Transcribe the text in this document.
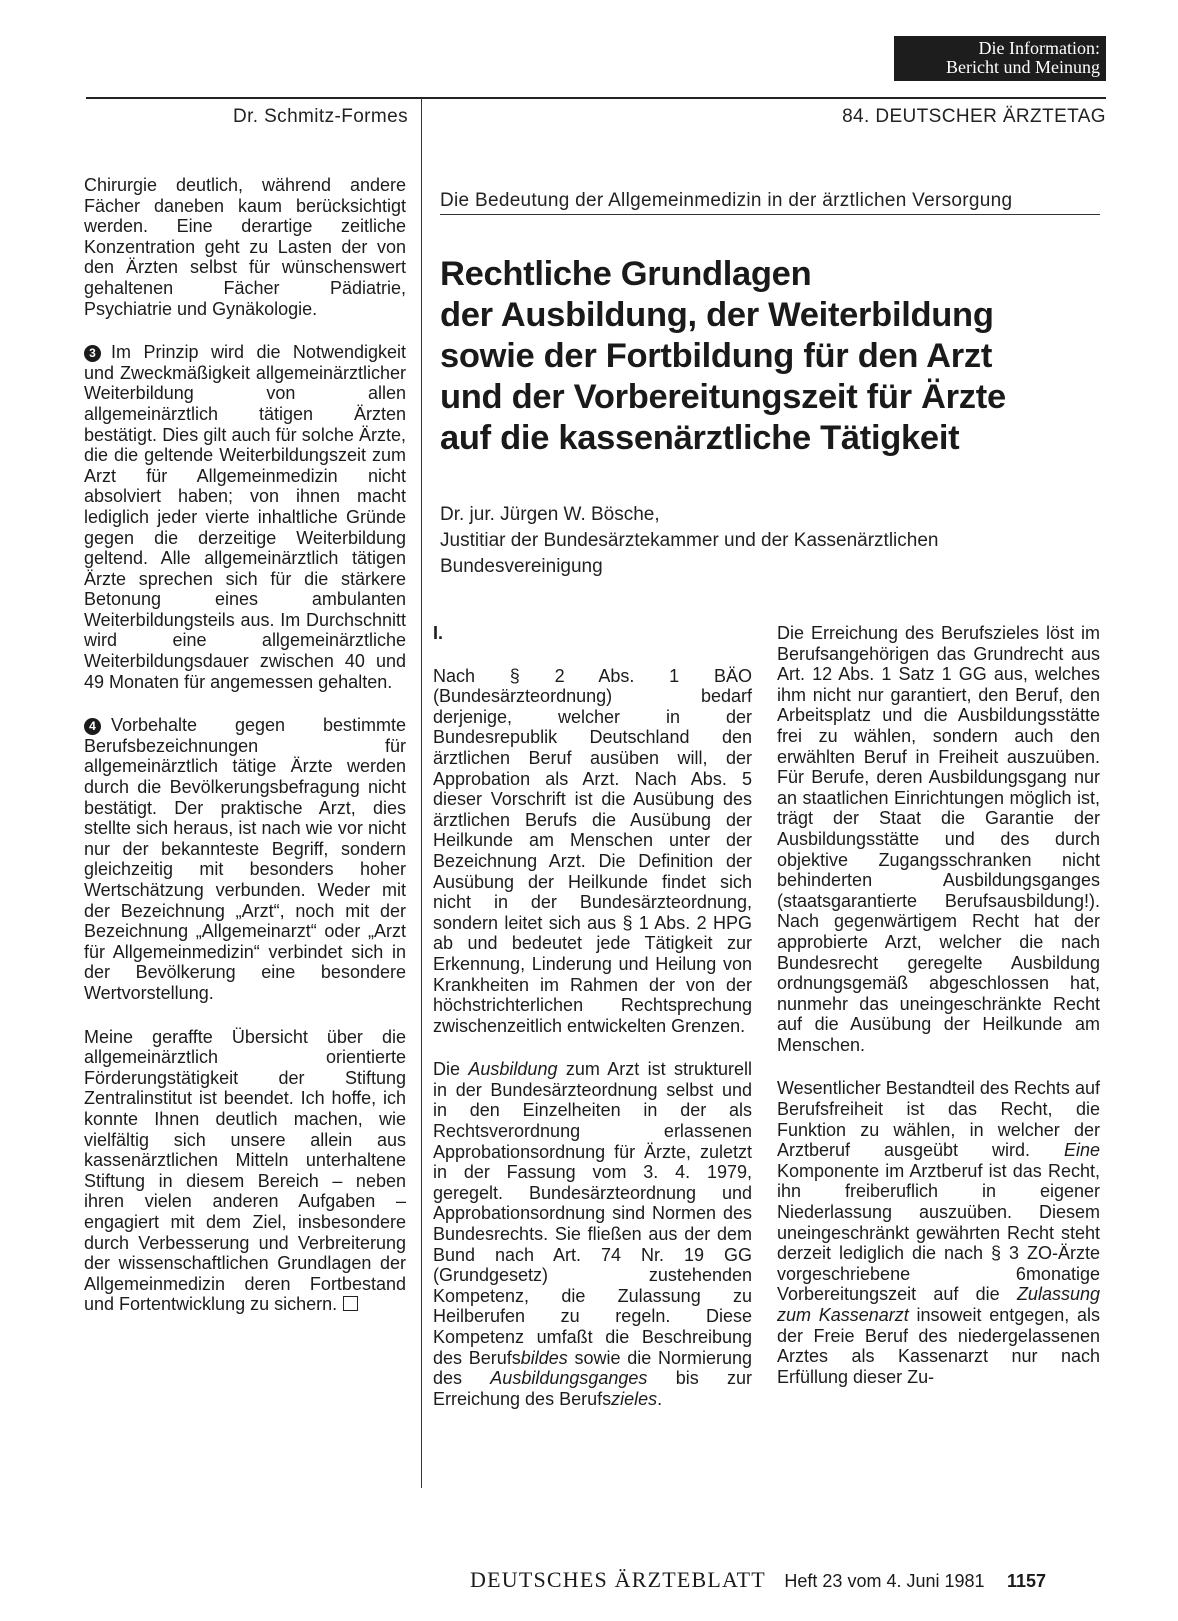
Die Information:
Bericht und Meinung
Dr. Schmitz-Formes	84. DEUTSCHER ÄRZTETAG

Chirurgie deutlich, während andere Fächer daneben kaum berücksichtigt werden. Eine derartige zeitliche Konzentration geht zu Lasten der von den Ärzten selbst für wünschenswert gehaltenen Fächer Pädiatrie, Psychiatrie und Gynäkologie.

3 Im Prinzip wird die Notwendigkeit und Zweckmäßigkeit allgemeinärztlicher Weiterbildung von allen allgemeinärztlich tätigen Ärzten bestätigt. Dies gilt auch für solche Ärzte, die die geltende Weiterbildungszeit zum Arzt für Allgemeinmedizin nicht absolviert haben; von ihnen macht lediglich jeder vierte inhaltliche Gründe gegen die derzeitige Weiterbildung geltend. Alle allgemeinärztlich tätigen Ärzte sprechen sich für die stärkere Betonung eines ambulanten Weiterbildungsteils aus. Im Durchschnitt wird eine allgemeinärztliche Weiterbildungsdauer zwischen 40 und 49 Monaten für angemessen gehalten.

4 Vorbehalte gegen bestimmte Berufsbezeichnungen für allgemeinärztlich tätige Ärzte werden durch die Bevölkerungsbefragung nicht bestätigt. Der praktische Arzt, dies stellte sich heraus, ist nach wie vor nicht nur der bekannteste Begriff, sondern gleichzeitig mit besonders hoher Wertschätzung verbunden. Weder mit der Bezeichnung „Arzt“, noch mit der Bezeichnung „Allgemeinarzt“ oder „Arzt für Allgemeinmedizin“ verbindet sich in der Bevölkerung eine besondere Wertvorstellung.

Meine geraffte Übersicht über die allgemeinärztlich orientierte Förderungstätigkeit der Stiftung Zentralinstitut ist beendet. Ich hoffe, ich konnte Ihnen deutlich machen, wie vielfältig sich unsere allein aus kassenärztlichen Mitteln unterhaltene Stiftung in diesem Bereich – neben ihren vielen anderen Aufgaben – engagiert mit dem Ziel, insbesondere durch Verbesserung und Verbreiterung der wissenschaftlichen Grundlagen der Allgemeinmedizin deren Fortbestand und Fortentwicklung zu sichern.

Die Bedeutung der Allgemeinmedizin in der ärztlichen Versorgung
Rechtliche Grundlagen
der Ausbildung, der Weiterbildung
sowie der Fortbildung für den Arzt
und der Vorbereitungszeit für Ärzte
auf die kassenärztliche Tätigkeit
Dr. jur. Jürgen W. Bösche,
Justitiar der Bundesärztekammer und der Kassenärztlichen
Bundesvereinigung

I.

Nach § 2 Abs. 1 BÄO (Bundesärzteordnung) bedarf derjenige, welcher in der Bundesrepublik Deutschland den ärztlichen Beruf ausüben will, der Approbation als Arzt. Nach Abs. 5 dieser Vorschrift ist die Ausübung des ärztlichen Berufs die Ausübung der Heilkunde am Menschen unter der Bezeichnung Arzt. Die Definition der Ausübung der Heilkunde findet sich nicht in der Bundesärzteordnung, sondern leitet sich aus § 1 Abs. 2 HPG ab und bedeutet jede Tätigkeit zur Erkennung, Linderung und Heilung von Krankheiten im Rahmen der von der höchstrichterlichen Rechtsprechung zwischenzeitlich entwickelten Grenzen.

Die Ausbildung zum Arzt ist strukturell in der Bundesärzteordnung selbst und in den Einzelheiten in der als Rechtsverordnung erlassenen Approbationsordnung für Ärzte, zuletzt in der Fassung vom 3. 4. 1979, geregelt. Bundesärzteordnung und Approbationsordnung sind Normen des Bundesrechts. Sie fließen aus der dem Bund nach Art. 74 Nr. 19 GG (Grundgesetz) zustehenden Kompetenz, die Zulassung zu Heilberufen zu regeln. Diese Kompetenz umfaßt die Beschreibung des Berufsbildes sowie die Normierung des Ausbildungsganges bis zur Erreichung des Berufszieles.

Die Erreichung des Berufszieles löst im Berufsangehörigen das Grundrecht aus Art. 12 Abs. 1 Satz 1 GG aus, welches ihm nicht nur garantiert, den Beruf, den Arbeitsplatz und die Ausbildungsstätte frei zu wählen, sondern auch den erwählten Beruf in Freiheit auszuüben. Für Berufe, deren Ausbildungsgang nur an staatlichen Einrichtungen möglich ist, trägt der Staat die Garantie der Ausbildungsstätte und des durch objektive Zugangsschranken nicht behinderten Ausbildungsganges (staatsgarantierte Berufsausbildung!). Nach gegenwärtigem Recht hat der approbierte Arzt, welcher die nach Bundesrecht geregelte Ausbildung ordnungsgemäß abgeschlossen hat, nunmehr das uneingeschränkte Recht auf die Ausübung der Heilkunde am Menschen.

Wesentlicher Bestandteil des Rechts auf Berufsfreiheit ist das Recht, die Funktion zu wählen, in welcher der Arztberuf ausgeübt wird. Eine Komponente im Arztberuf ist das Recht, ihn freiberuflich in eigener Niederlassung auszuüben. Diesem uneingeschränkt gewährten Recht steht derzeit lediglich die nach § 3 ZO-Ärzte vorgeschriebene 6monatige Vorbereitungszeit auf die Zulassung zum Kassenarzt insoweit entgegen, als der Freie Beruf des niedergelassenen Arztes als Kassenarzt nur nach Erfüllung dieser Zu-

DEUTSCHES ÄRZTEBLATT Heft 23 vom 4. Juni 1981 1157
